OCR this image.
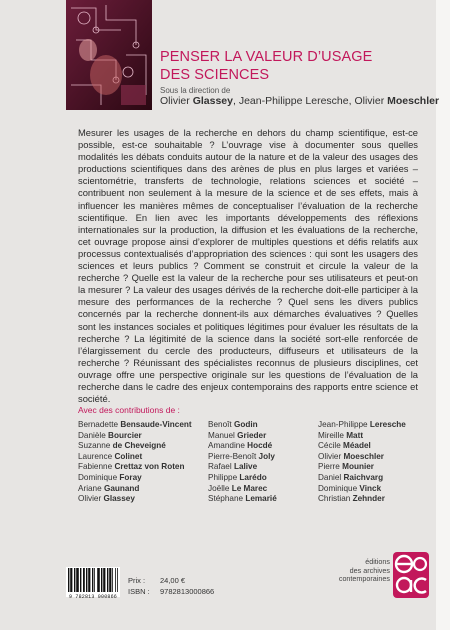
PENSER LA VALEUR D’USAGE
DES SCIENCES
Sous la direction de
Olivier Glassey, Jean-Philippe Leresche, Olivier Moeschler

Mesurer les usages de la recherche en dehors du champ scientifique, est-ce possible, est-ce souhaitable ? L’ouvrage vise à documenter sous quelles modalités les débats conduits autour de la nature et de la valeur des usages des productions scientifiques dans des arènes de plus en plus larges et variées – scientométrie, transferts de technologie, relations sciences et société – contribuent non seulement à la mesure de la science et de ses effets, mais à influencer les manières mêmes de conceptualiser l’évaluation de la recherche scientifique. En lien avec les importants développements des réflexions internationales sur la production, la diffusion et les évaluations de la recherche, cet ouvrage propose ainsi d’explorer de multiples questions et défis relatifs aux processus contextualisés d’appropriation des sciences : qui sont les usagers des sciences et leurs publics ? Comment se construit et circule la valeur de la recherche ? Quelle est la valeur de la recherche pour ses utilisateurs et peut-on la mesurer ? La valeur des usages dérivés de la recherche doit-elle participer à la mesure des performances de la recherche ? Quel sens les divers publics concernés par la recherche donnent-ils aux démarches évaluatives ? Quelles sont les instances sociales et politiques légitimes pour évaluer les résultats de la recherche ? La légitimité de la science dans la société sort-elle renforcée de l’élargissement du cercle des producteurs, diffuseurs et utilisateurs de la recherche ? Réunissant des spécialistes reconnus de plusieurs disciplines, cet ouvrage offre une perspective originale sur les questions de l’évaluation de la recherche dans le cadre des enjeux contemporains des rapports entre science et société.

Avec des contributions de :
Bernadette Bensaude-Vincent
Danièle Bourcier
Suzanne de Cheveigné
Laurence Colinet
Fabienne Crettaz von Roten
Dominique Foray
Ariane Gaunand
Olivier Glassey
Benoît Godin
Manuel Grieder
Amandine Hocdé
Pierre-Benoît Joly
Rafael Lalive
Philippe Larédo
Joëlle Le Marec
Stéphane Lemarié
Jean-Philippe Leresche
Mireille Matt
Cécile Méadel
Olivier Moeschler
Pierre Mounier
Daniel Raichvarg
Dominique Vinck
Christian Zehnder
9 782813 000866
Prix : 24,00 €
ISBN : 9782813000866
éditions
des archives
contemporaines
